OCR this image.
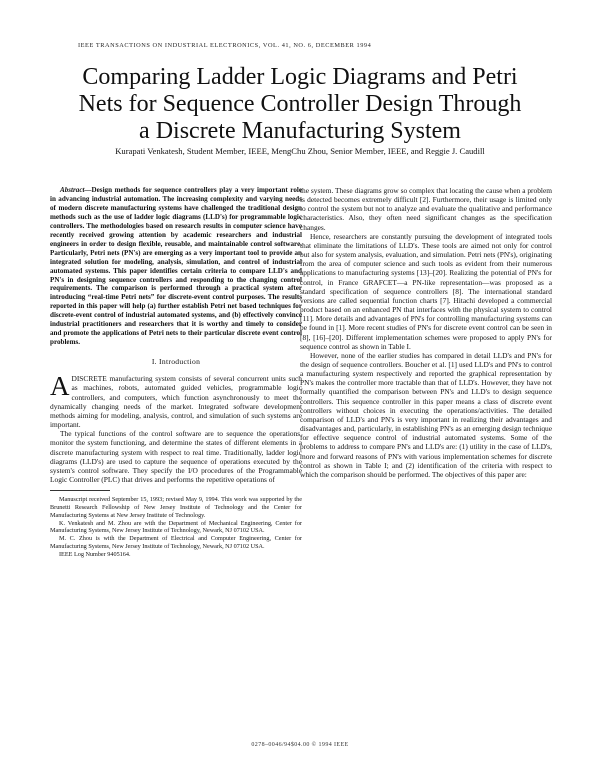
IEEE TRANSACTIONS ON INDUSTRIAL ELECTRONICS, VOL. 41, NO. 6, DECEMBER 1994
Comparing Ladder Logic Diagrams and Petri
Nets for Sequence Controller Design Through
a Discrete Manufacturing System
Kurapati Venkatesh, Student Member, IEEE, MengChu Zhou, Senior Member, IEEE, and Reggie J. Caudill

Abstract—Design methods for sequence controllers play a very important role in advancing industrial automation. The increasing complexity and varying needs of modern discrete manufacturing systems have challenged the traditional design methods such as the use of ladder logic diagrams (LLD's) for programmable logic controllers. The methodologies based on research results in computer science have recently received growing attention by academic researchers and industrial engineers in order to design flexible, reusable, and maintainable control software. Particularly, Petri nets (PN's) are emerging as a very important tool to provide an integrated solution for modeling, analysis, simulation, and control of industrial automated systems. This paper identifies certain criteria to compare LLD's and PN's in designing sequence controllers and responding to the changing control requirements. The comparison is performed through a practical system after introducing “real-time Petri nets” for discrete-event control purposes. The results reported in this paper will help (a) further establish Petri net based techniques for discrete-event control of industrial automated systems, and (b) effectively convince industrial practitioners and researchers that it is worthy and timely to consider and promote the applications of Petri nets to their particular discrete event control problems.

I. Introduction

ADISCRETE manufacturing system consists of several concurrent units such as machines, robots, automated guided vehicles, programmable logic controllers, and computers, which function asynchronously to meet the dynamically changing needs of the market. Integrated software development methods aiming for modeling, analysis, control, and simulation of such systems are important.

The typical functions of the control software are to sequence the operations, monitor the system functioning, and determine the states of different elements in a discrete manufacturing system with respect to real time. Traditionally, ladder logic diagrams (LLD's) are used to capture the sequence of operations executed by the system's control software. They specify the I/O procedures of the Programmable Logic Controller (PLC) that drives and performs the repetitive operations of

Manuscript received September 15, 1993; revised May 9, 1994. This work was supported by the Brunetti Research Fellowship of New Jersey Institute of Technology and the Center for Manufacturing Systems at New Jersey Institute of Technology.

K. Venkatesh and M. Zhou are with the Department of Mechanical Engineering, Center for Manufacturing Systems, New Jersey Institute of Technology, Newark, NJ 07102 USA.

M. C. Zhou is with the Department of Electrical and Computer Engineering, Center for Manufacturing Systems, New Jersey Institute of Technology, Newark, NJ 07102 USA.

IEEE Log Number 9405164.

the system. These diagrams grow so complex that locating the cause when a problem is detected becomes extremely difficult [2]. Furthermore, their usage is limited only to control the system but not to analyze and evaluate the qualitative and performance characteristics. Also, they often need significant changes as the specification changes.

Hence, researchers are constantly pursuing the development of integrated tools that eliminate the limitations of LLD's. These tools are aimed not only for control but also for system analysis, evaluation, and simulation. Petri nets (PN's), originating from the area of computer science and such tools as evident from their numerous applications to manufacturing systems [13]–[20]. Realizing the potential of PN's for control, in France GRAFCET—a PN-like representation—was proposed as a standard specification of sequence controllers [8]. The international standard versions are called sequential function charts [7]. Hitachi developed a commercial product based on an enhanced PN that interfaces with the physical system to control [11]. More details and advantages of PN's for controlling manufacturing systems can be found in [1]. More recent studies of PN's for discrete event control can be seen in [8], [16]–[20]. Different implementation schemes were proposed to apply PN's for sequence control as shown in Table I.

However, none of the earlier studies has compared in detail LLD's and PN's for the design of sequence controllers. Boucher et al. [1] used LLD's and PN's to control a manufacturing system respectively and reported the graphical representation by PN's makes the controller more tractable than that of LLD's. However, they have not formally quantified the comparison between PN's and LLD's to design sequence controllers. This sequence controller in this paper means a class of discrete event controllers without choices in executing the operations/activities. The detailed comparison of LLD's and PN's is very important in realizing their advantages and disadvantages and, particularly, in establishing PN's as an emerging design technique for effective sequence control of industrial automated systems. Some of the problems to address to compare PN's and LLD's are: (1) utility in the case of LLD's, more and forward reasons of PN's with various implementation schemes for discrete control as shown in Table I; and (2) identification of the criteria with respect to which the comparison should be performed. The objectives of this paper are:

0278–0046/94$04.00 © 1994 IEEE
